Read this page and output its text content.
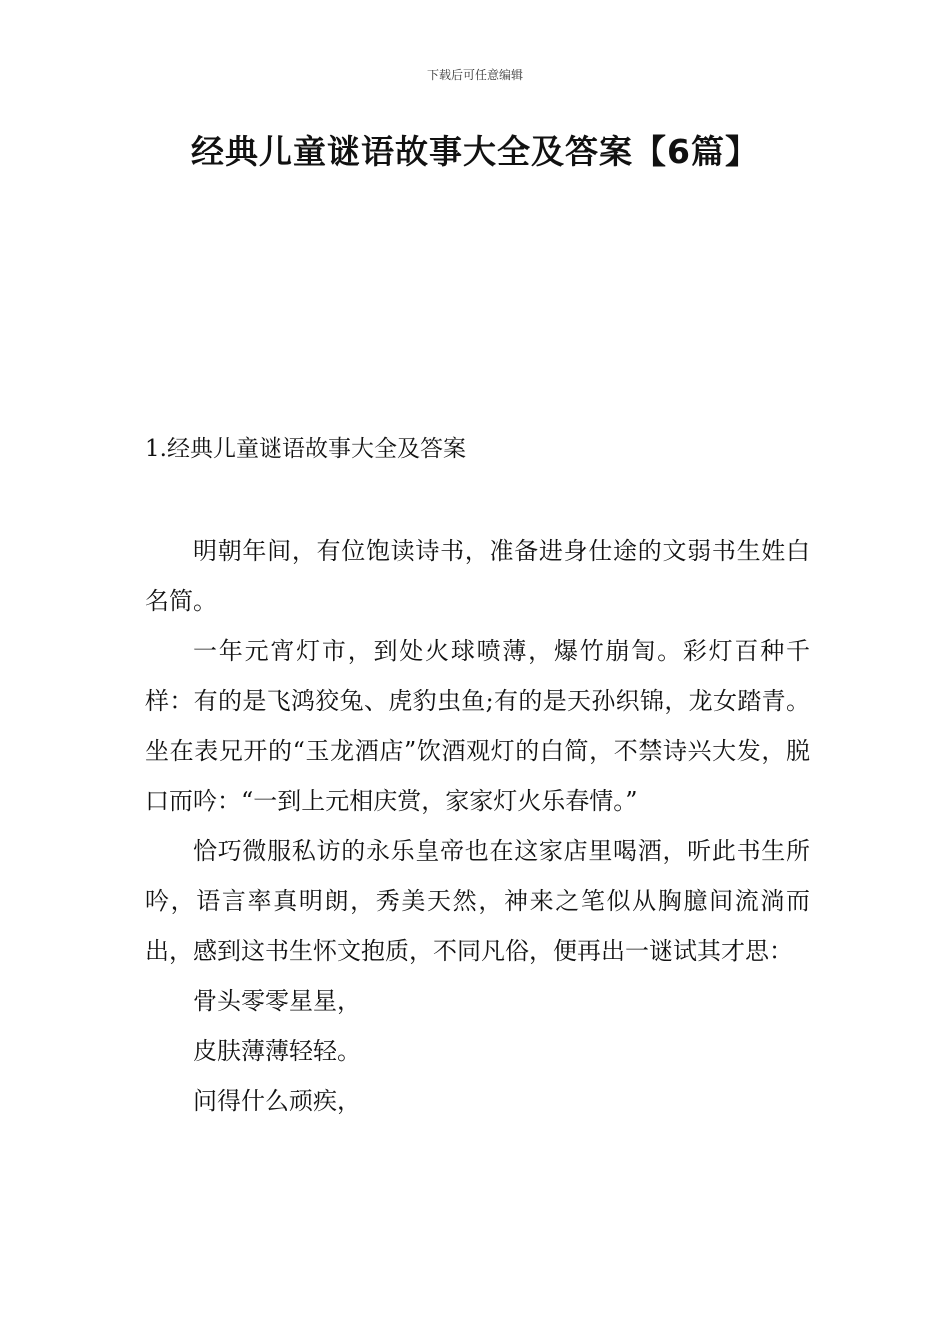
下载后可任意编辑
经典儿童谜语故事大全及答案【6篇】
1.经典儿童谜语故事大全及答案

明朝年间，有位饱读诗书，准备进身仕途的文弱书生姓白名简。

一年元宵灯市，到处火球喷薄，爆竹崩訇。彩灯百种千样：有的是飞鸿狡兔、虎豹虫鱼;有的是天孙织锦，龙女踏青。坐在表兄开的“玉龙酒店”饮酒观灯的白简，不禁诗兴大发，脱口而吟：“一到上元相庆赏，家家灯火乐春情。”

恰巧微服私访的永乐皇帝也在这家店里喝酒，听此书生所吟，语言率真明朗，秀美天然，神来之笔似从胸臆间流淌而出，感到这书生怀文抱质，不同凡俗，便再出一谜试其才思：

骨头零零星星，

皮肤薄薄轻轻。

问得什么顽疾，
